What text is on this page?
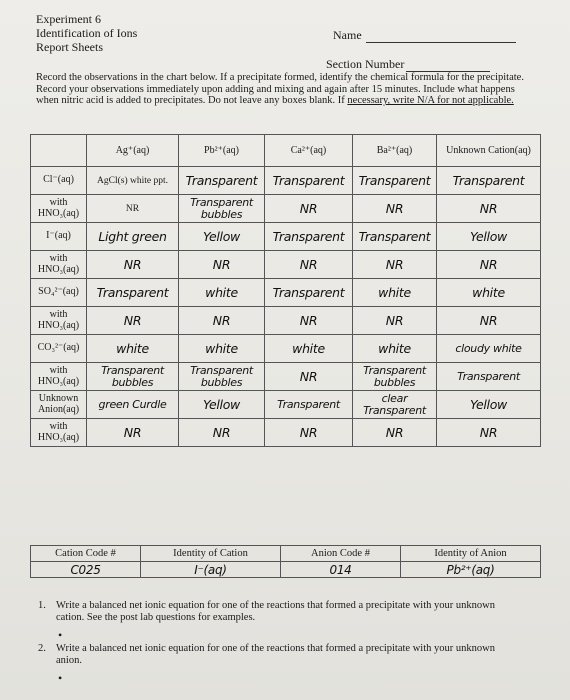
Experiment 6
Identification of Ions
Report Sheets
Name
Section Number
Record the observations in the chart below. If a precipitate formed, identify the chemical formula for the precipitate. Record your observations immediately upon adding and mixing and again after 15 minutes. Include what happens when nitric acid is added to precipitates. Do not leave any boxes blank. If necessary, write N/A for not applicable.
	Ag⁺(aq)	Pb²⁺(aq)	Ca²⁺(aq)	Ba²⁺(aq)	Unknown Cation(aq)
Cl⁻(aq)	AgCl(s) white ppt.	Transparent	Transparent	Transparent	Transparent
with HNO₃(aq)	NR	Transparent bubbles	NR	NR	NR
I⁻(aq)	Light green	Yellow	Transparent	Transparent	Yellow
with HNO₃(aq)	NR	NR	NR	NR	NR
SO₄²⁻(aq)	Transparent	white	Transparent	white	white
with HNO₃(aq)	NR	NR	NR	NR	NR
CO₃²⁻(aq)	white	white	white	white	cloudy white
with HNO₃(aq)	Transparent bubbles	Transparent bubbles	NR	Transparent bubbles	Transparent
Unknown Anion(aq)	green Curdle	Yellow	Transparent	clear Transparent	Yellow
with HNO₃(aq)	NR	NR	NR	NR	NR
Cation Code #	Identity of Cation	Anion Code #	Identity of Anion
C025	I⁻(aq)	014	Pb²⁺(aq)
1. Write a balanced net ionic equation for one of the reactions that formed a precipitate with your unknown cation. See the post lab questions for examples.
•
2. Write a balanced net ionic equation for one of the reactions that formed a precipitate with your unknown anion.
•
